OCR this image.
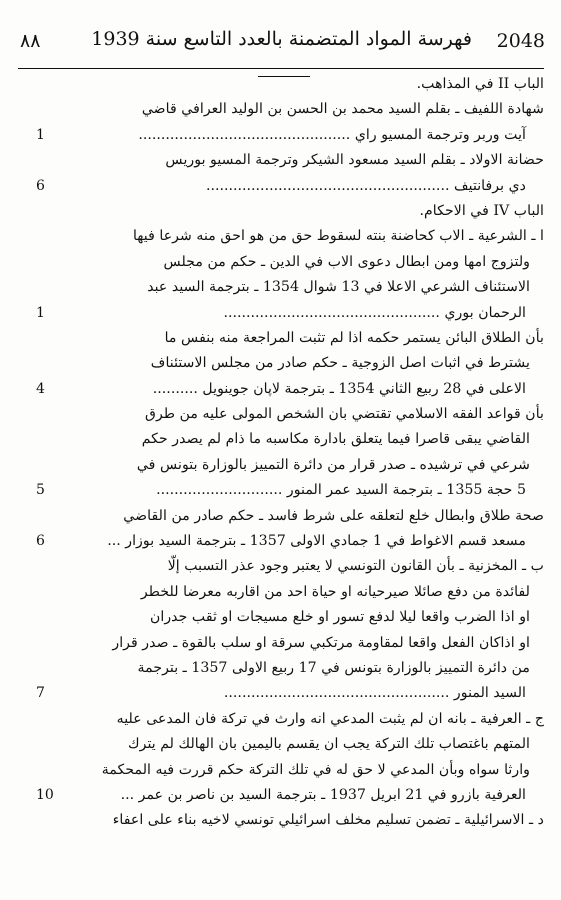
٨٨	فهرسة المواد المتضمنة بالعدد التاسع سنة 1939 2048
الباب II في المذاهب.
شهادة اللفيف ـ بقلم السيد محمد بن الحسن بن الوليد العرافي قاضي
آيت وربر وترجمة المسيو راي ...............................................
1
حضانة الاولاد ـ بقلم السيد مسعود الشيكر وترجمة المسيو بوريس
دي برفانتيف ......................................................
6
الباب IV في الاحكام.
ا ـ الشرعية ـ الاب كحاضنة بنته لسقوط حق من هو احق منه شرعا فيها
ولتزوج امها ومن ابطال دعوى الاب في الدين ـ حكم من مجلس
الاستئناف الشرعي الاعلا في 13 شوال 1354 ـ بترجمة السيد عبد
الرحمان بوري ................................................
1
بأن الطلاق البائن يستمر حكمه اذا لم تثبت المراجعة منه بنفس ما
يشترط في اثبات اصل الزوجية ـ حكم صادر من مجلس الاستئناف
الاعلى في 28 ربيع الثاني 1354 ـ بترجمة لاپان جوينويل ..........
4
بأن قواعد الفقه الاسلامي تقتضي بان الشخص المولى عليه من طرق
القاضي يبقى قاصرا فيما يتعلق بادارة مكاسبه ما ذام لم يصدر حكم
شرعي في ترشيده ـ صدر قرار من دائرة التمييز بالوزارة بتونس في
5 حجة 1355 ـ بترجمة السيد عمر المنور ............................
5
صحة طلاق وابطال خلع لتعلقه على شرط فاسد ـ حكم صادر من القاضي
مسعد قسم الاغواط في 1 جمادي الاولى 1357 ـ بترجمة السيد بوزار ...
6
ب ـ المخزنية ـ بأن القانون التونسي لا يعتبر وجود عذر التسبب إلّا
لفائدة من دفع صائلا صيرحيانه او حياة احد من اقاربه معرضا للخطر
او اذا الضرب واقعا ليلا لدفع تسور او خلع مسيجات او ثقب جدران
او اذاكان الفعل واقعا لمقاومة مرتكبي سرقة او سلب بالقوة ـ صدر قرار
من دائرة التمييز بالوزارة بتونس في 17 ربيع الاولى 1357 ـ بترجمة
السيد المنور ..................................................
7
ج ـ العرفية ـ بانه ان لم يثبت المدعي انه وارث في تركة فان المدعى عليه
المتهم باغتصاب تلك التركة يجب ان يقسم باليمين بان الهالك لم يترك
وارثا سواه وبأن المدعي لا حق له في تلك التركة حكم قررت فيه المحكمة
العرفية بازرو في 21 ابريل 1937 ـ بترجمة السيد بن ناصر بن عمر ...
10
د ـ الاسرائيلية ـ تضمن تسليم مخلف اسرائيلي تونسي لاخيه بناء على اعفاء
